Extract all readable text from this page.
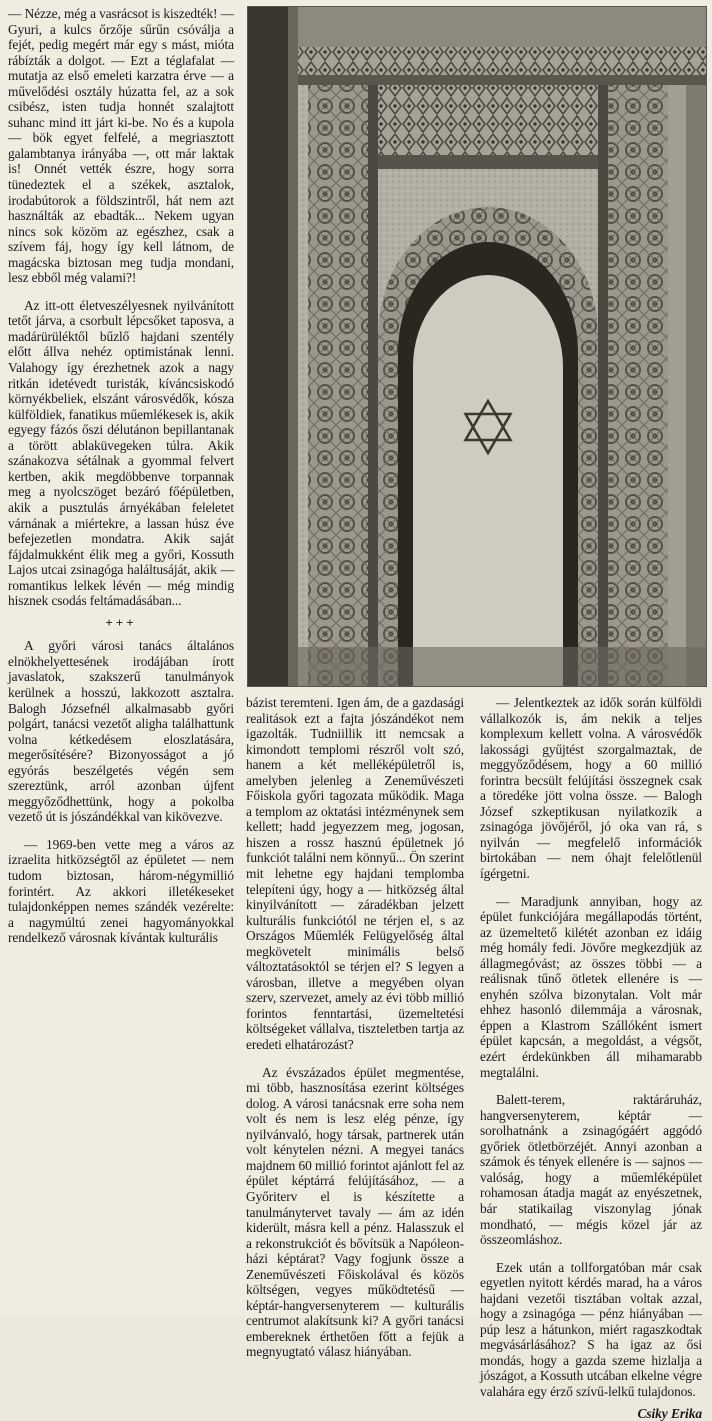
— Nézze, még a vasrácsot is kiszedték! — Gyuri, a kulcs őrzője sűrűn csóválja a fejét, pedig megért már egy s mást, mióta rábízták a dolgot. — Ezt a téglafalat — mutatja az első emeleti karzatra érve — a művelődési osztály húzatta fel, az a sok csibész, isten tudja honnét szalajtott suhanc mind itt járt ki-be. No és a kupola — bök egyet felfelé, a megriasztott galambtanya irányába —, ott már laktak is! Onnét vették észre, hogy sorra tünedeztek el a székek, asztalok, irodabútorok a földszintről, hát nem azt használták az ebadták... Nekem ugyan nincs sok közöm az egészhez, csak a szívem fáj, hogy így kell látnom, de magácska biztosan meg tudja mondani, lesz ebből még valami?!

Az itt-ott életveszélyesnek nyilvánított tetőt járva, a csorbult lépcsőket taposva, a madárürüléktől bűzlő hajdani szentély előtt állva nehéz optimistának lenni. Valahogy így érezhetnek azok a nagy ritkán idetévedt turisták, kíváncsiskodó környékbeliek, elszánt városvédők, kósza külföldiek, fanatikus műemlékesek is, akik egyegy fázós őszi délutánon bepillantanak a törött ablaküvegeken túlra. Akik szánakozva sétálnak a gyommal felvert kertben, akik megdöbbenve torpannak meg a nyolcszöget bezáró főépületben, akik a pusztulás árnyékában feleletet várnának a miértekre, a lassan húsz éve befejezetlen mondatra. Akik saját fájdalmukként élik meg a győri, Kossuth Lajos utcai zsinagóga haláltusáját, akik — romantikus lelkek lévén — még mindig hisznek csodás feltámadásában...

+++

A győri városi tanács általános elnökhelyettesének irodájában írott javaslatok, szakszerű tanulmányok kerülnek a hosszú, lakkozott asztalra. Balogh Józsefnél alkalmasabb győri polgárt, tanácsi vezetőt aligha találhattunk volna kétkedésem eloszlatására, megerősítésére? Bizonyosságot a jó egyórás beszélgetés végén sem szereztünk, arról azonban újfent meggyőződhettünk, hogy a pokolba vezető út is jószándékkal van kikövezve.

— 1969-ben vette meg a város az izraelita hitközségtől az épületet — nem tudom biztosan, három-négymillió forintért. Az akkori illetékeseket tulajdonképpen nemes szándék vezérelte: a nagymúltú zenei hagyományokkal rendelkező városnak kívántak kulturális

bázist teremteni. Igen ám, de a gazdasági realitások ezt a fajta jószándékot nem igazolták. Tudniillik itt nemcsak a kimondott templomi részről volt szó, hanem a két melléképületről is, amelyben jelenleg a Zeneművészeti Főiskola győri tagozata működik. Maga a templom az oktatási intézménynek sem kellett; hadd jegyezzem meg, jogosan, hiszen a rossz hasznú épületnek jó funkciót találni nem könnyű... Ön szerint mit lehetne egy hajdani templomba telepíteni úgy, hogy a — hitközség által kinyilvánított — záradékban jelzett kulturális funkciótól ne térjen el, s az Országos Műemlék Felügyelőség által megkövetelt minimális belső változtatásoktól se térjen el? S legyen a városban, illetve a megyében olyan szerv, szervezet, amely az évi több millió forintos fenntartási, üzemeltetési költségeket vállalva, tiszteletben tartja az eredeti elhatározást?

Az évszázados épület megmentése, mi több, hasznosítása ezerint költséges dolog. A városi tanácsnak erre soha nem volt és nem is lesz elég pénze, így nyilvánvaló, hogy társak, partnerek után volt kénytelen nézni. A megyei tanács majdnem 60 millió forintot ajánlott fel az épület képtárrá felújításához, — a Győriterv el is készítette a tanulmánytervet tavaly — ám az idén kiderült, másra kell a pénz. Halasszuk el a rekonstrukciót és bővítsük a Napóleon-házi képtárat? Vagy fogjunk össze a Zeneművészeti Főiskolával és közös költségen, vegyes működtetésű — képtár-hangversenyterem — kulturális centrumot alakítsunk ki? A győri tanácsi embereknek érthetően főtt a fejük a megnyugtató válasz hiányában.

— Jelentkeztek az idők során külföldi vállalkozók is, ám nekik a teljes komplexum kellett volna. A városvédők lakossági gyűjtést szorgalmaztak, de meggyőződésem, hogy a 60 millió forintra becsült felújítási összegnek csak a töredéke jött volna össze. — Balogh József szkeptikusan nyilatkozik a zsinagóga jövőjéről, jó oka van rá, s nyilván — megfelelő információk birtokában — nem óhajt felelőtlenül ígérgetni.

— Maradjunk annyiban, hogy az épület funkciójára megállapodás történt, az üzemeltető kilétét azonban ez idáig még homály fedi. Jövőre megkezdjük az állagmegóvást; az összes többi — a reálisnak tűnő ötletek ellenére is — enyhén szólva bizonytalan. Volt már ehhez hasonló dilemmája a városnak, éppen a Klastrom Szállóként ismert épület kapcsán, a megoldást, a végsőt, ezért érdekünkben áll mihamarabb megtalálni.

Balett-terem, raktáráruház, hangversenyterem, képtár — sorolhatnánk a zsinagógáért aggódó győriek ötletbörzéjét. Annyi azonban a számok és tények ellenére is — sajnos — valóság, hogy a műemléképület rohamosan átadja magát az enyészetnek, bár statikailag viszonylag jónak mondható, — mégis közel jár az összeomláshoz.

Ezek után a tollforgatóban már csak egyetlen nyitott kérdés marad, ha a város hajdani vezetői tisztában voltak azzal, hogy a zsinagóga — pénz hiányában — púp lesz a hátunkon, miért ragaszkodtak megvásárlásához? S ha igaz az ősi mondás, hogy a gazda szeme hizlalja a jószágot, a Kossuth utcában elkelne végre valahára egy érző szívű-lelkű tulajdonos.

Csiky Erika
